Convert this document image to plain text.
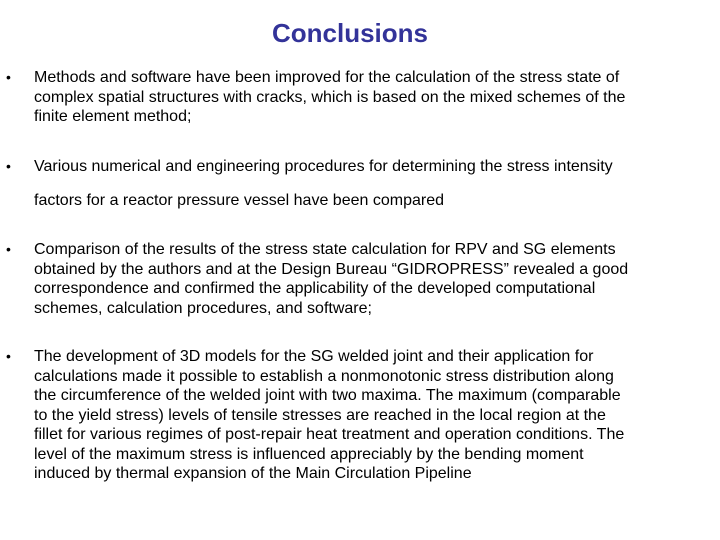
Conclusions
• Methods and software have been improved for the calculation of the stress state of
complex spatial structures with cracks, which is based on the mixed schemes of the
finite element method;

• Various numerical and engineering procedures for determining the stress intensity
factors for a reactor pressure vessel have been compared

• Comparison of the results of the stress state calculation for RPV and SG elements
obtained by the authors and at the Design Bureau “GIDROPRESS” revealed a good
correspondence and confirmed the applicability of the developed computational
schemes, calculation procedures, and software;

• The development of 3D models for the SG welded joint and their application for
calculations made it possible to establish a nonmonotonic stress distribution along
the circumference of the welded joint with two maxima. The maximum (comparable
to the yield stress) levels of tensile stresses are reached in the local region at the
fillet for various regimes of post-repair heat treatment and operation conditions. The
level of the maximum stress is influenced appreciably by the bending moment
induced by thermal expansion of the Main Circulation Pipeline
